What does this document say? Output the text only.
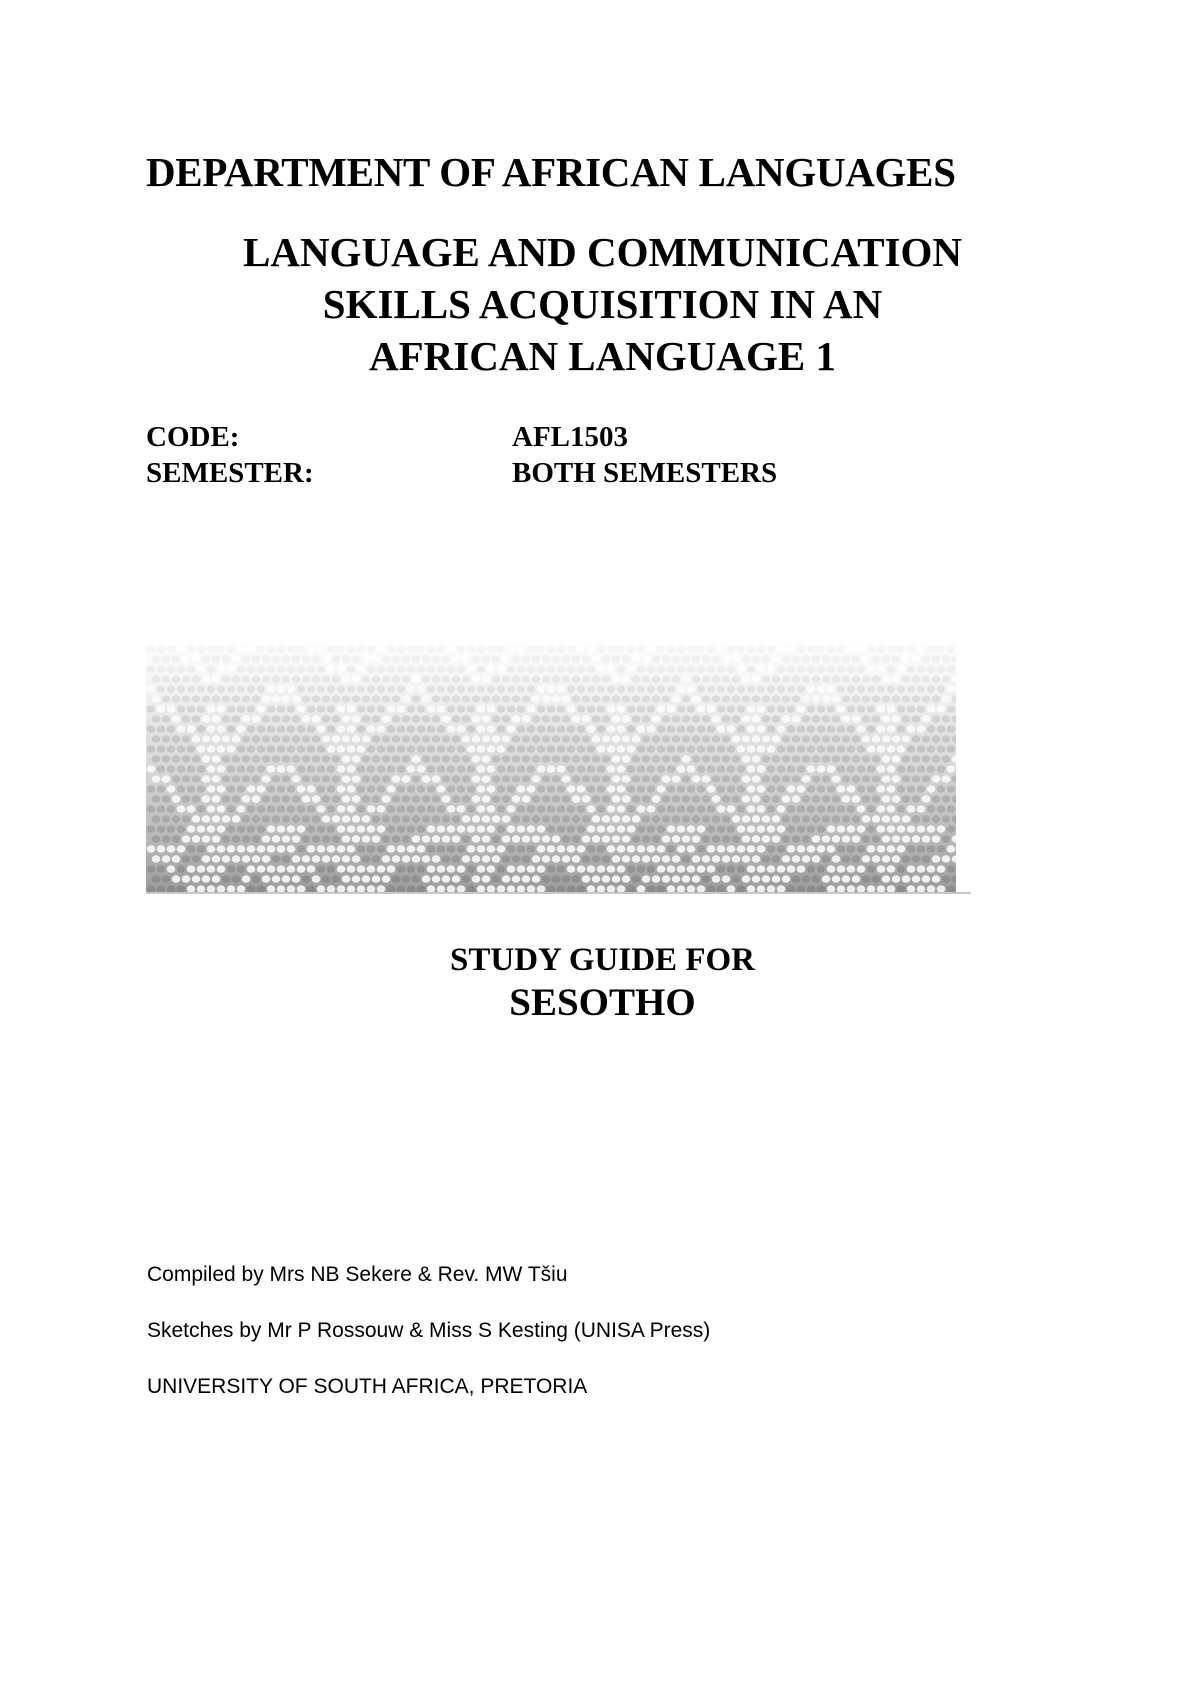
DEPARTMENT OF AFRICAN LANGUAGES
LANGUAGE AND COMMUNICATION
SKILLS ACQUISITION IN AN
AFRICAN LANGUAGE 1
CODE:	AFL1503
SEMESTER:	BOTH SEMESTERS
STUDY GUIDE FOR
SESOTHO
Compiled by Mrs NB Sekere & Rev. MW Tšiu
Sketches by Mr P Rossouw & Miss S Kesting (UNISA Press)
UNIVERSITY OF SOUTH AFRICA, PRETORIA
